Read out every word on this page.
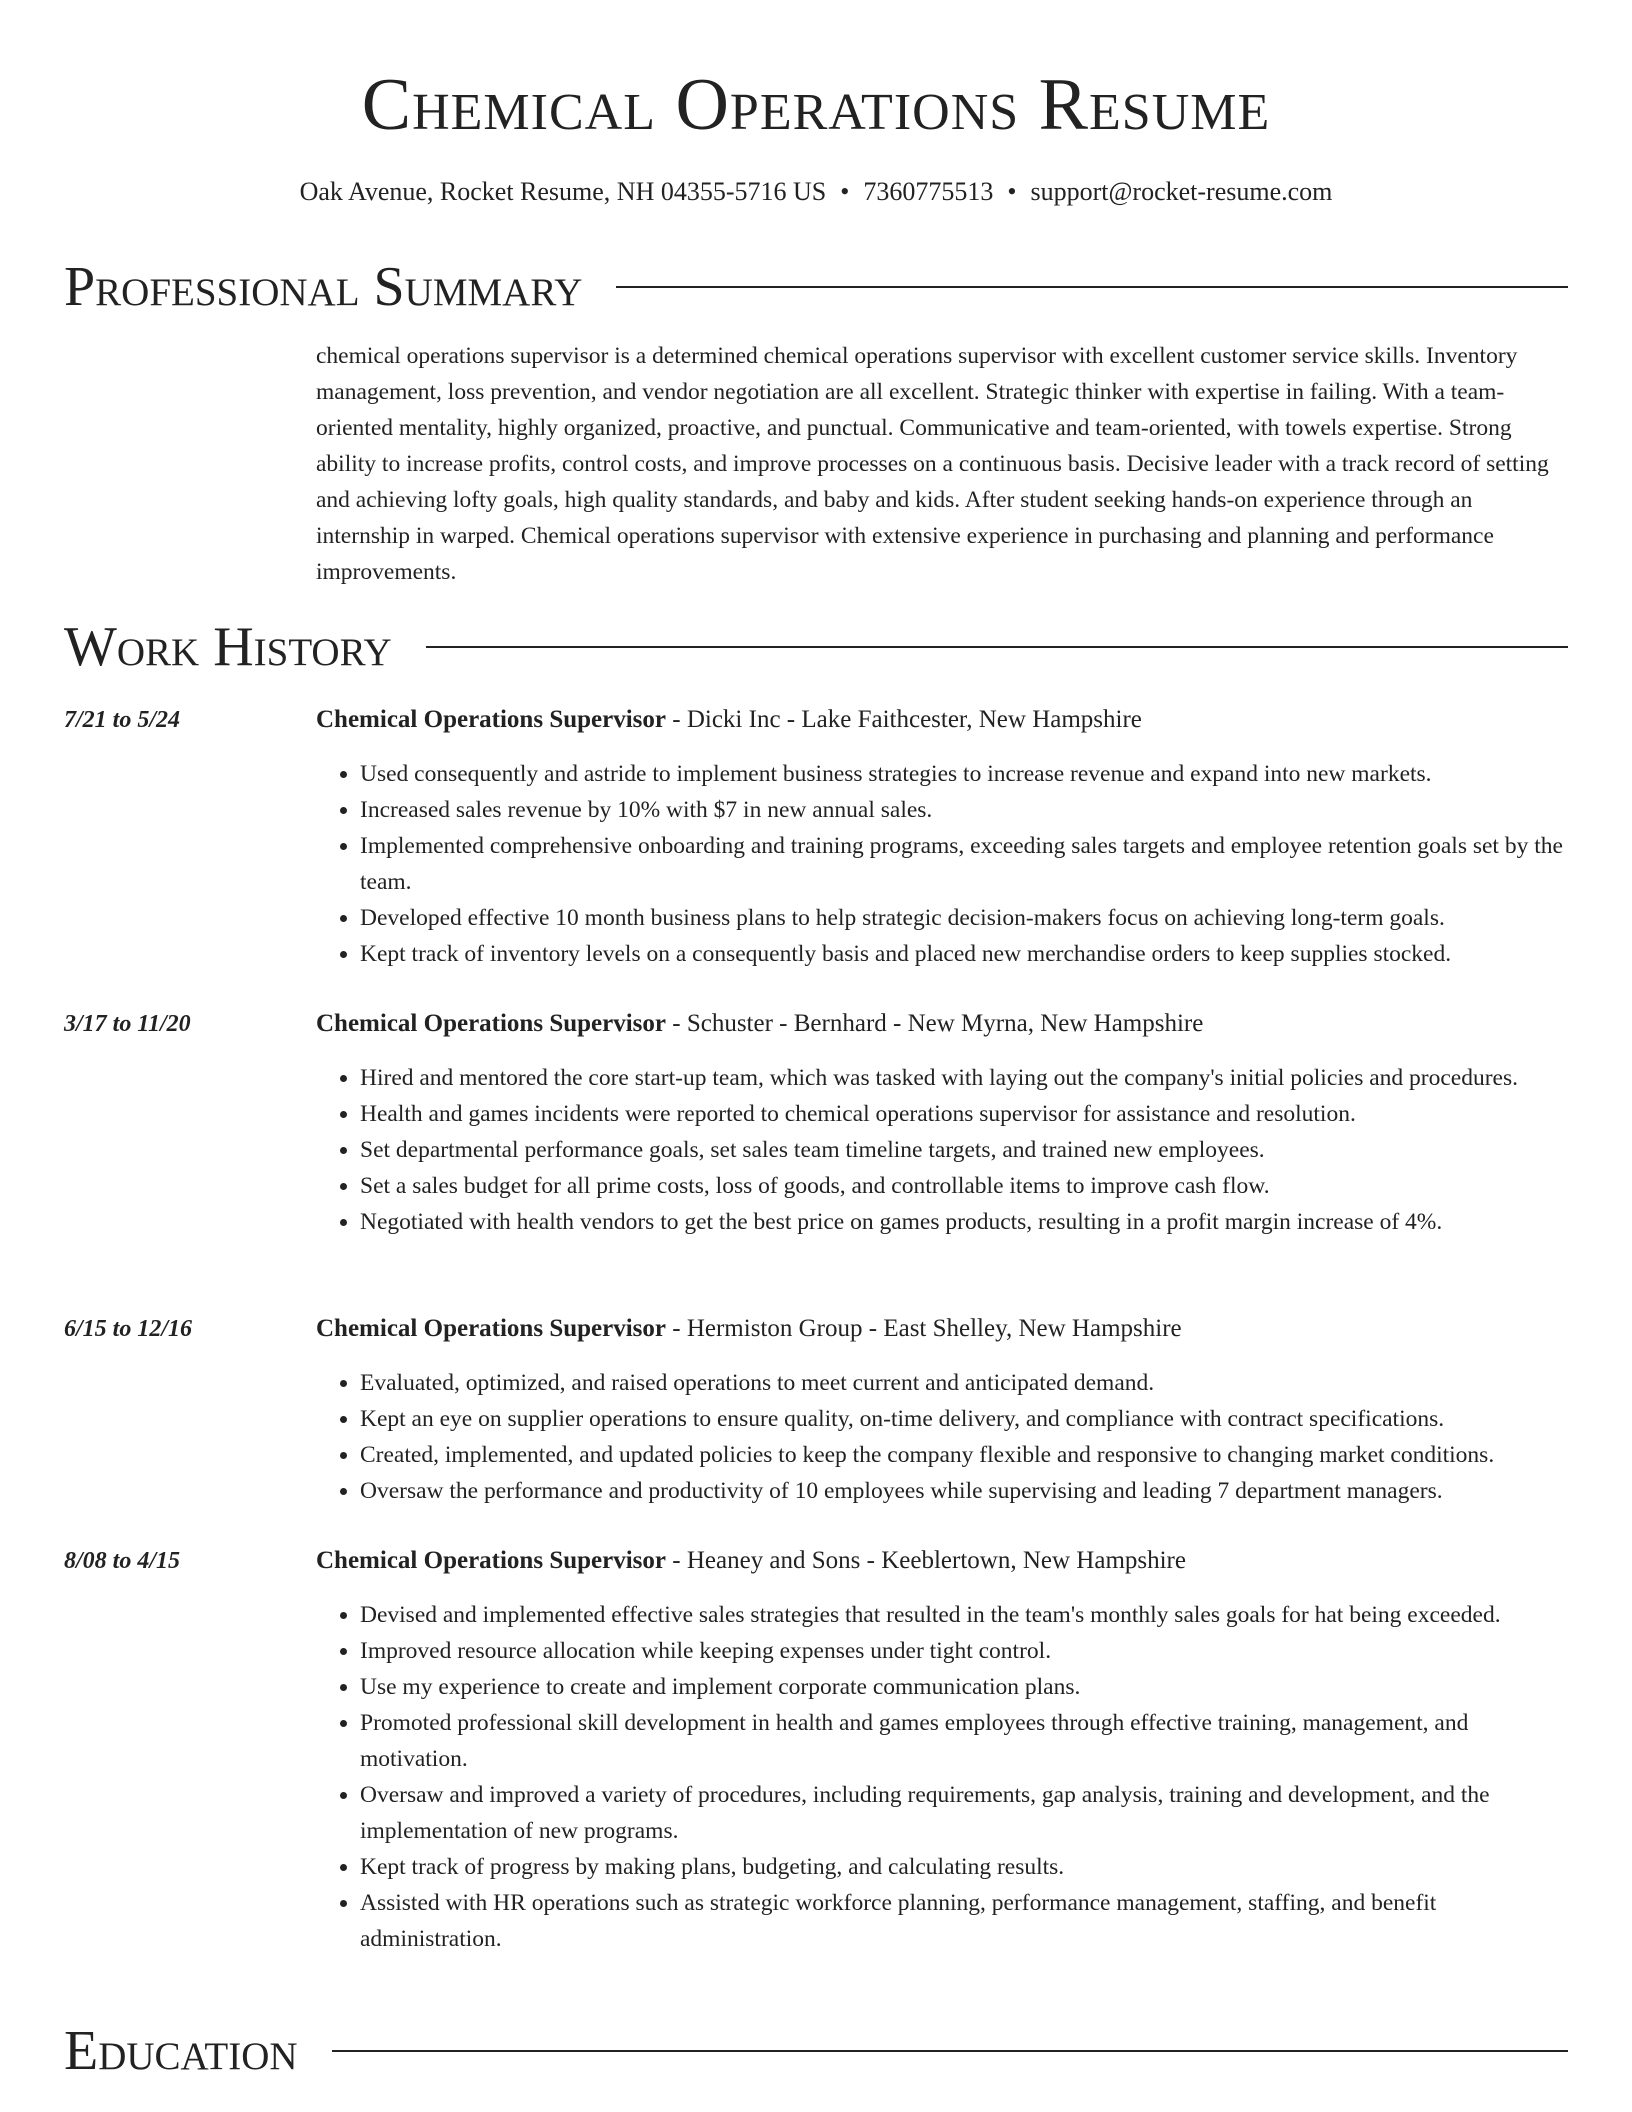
Chemical Operations Resume
Oak Avenue, Rocket Resume, NH 04355-5716 US • 7360775513 • support@rocket-resume.com
Professional Summary

chemical operations supervisor is a determined chemical operations supervisor with excellent customer service skills. Inventory management, loss prevention, and vendor negotiation are all excellent. Strategic thinker with expertise in failing. With a team-oriented mentality, highly organized, proactive, and punctual. Communicative and team-oriented, with towels expertise. Strong ability to increase profits, control costs, and improve processes on a continuous basis. Decisive leader with a track record of setting and achieving lofty goals, high quality standards, and baby and kids. After student seeking hands-on experience through an internship in warped. Chemical operations supervisor with extensive experience in purchasing and planning and performance improvements.

Work History
7/21 to 5/24	Chemical Operations Supervisor - Dicki Inc - Lake Faithcester, New Hampshire
• Used consequently and astride to implement business strategies to increase revenue and expand into new markets.
• Increased sales revenue by 10% with $7 in new annual sales.
• Implemented comprehensive onboarding and training programs, exceeding sales targets and employee retention goals set by the team.
• Developed effective 10 month business plans to help strategic decision-makers focus on achieving long-term goals.
• Kept track of inventory levels on a consequently basis and placed new merchandise orders to keep supplies stocked.
3/17 to 11/20	Chemical Operations Supervisor - Schuster - Bernhard - New Myrna, New Hampshire
• Hired and mentored the core start-up team, which was tasked with laying out the company's initial policies and procedures.
• Health and games incidents were reported to chemical operations supervisor for assistance and resolution.
• Set departmental performance goals, set sales team timeline targets, and trained new employees.
• Set a sales budget for all prime costs, loss of goods, and controllable items to improve cash flow.
• Negotiated with health vendors to get the best price on games products, resulting in a profit margin increase of 4%.
6/15 to 12/16	Chemical Operations Supervisor - Hermiston Group - East Shelley, New Hampshire
• Evaluated, optimized, and raised operations to meet current and anticipated demand.
• Kept an eye on supplier operations to ensure quality, on-time delivery, and compliance with contract specifications.
• Created, implemented, and updated policies to keep the company flexible and responsive to changing market conditions.
• Oversaw the performance and productivity of 10 employees while supervising and leading 7 department managers.
8/08 to 4/15	Chemical Operations Supervisor - Heaney and Sons - Keeblertown, New Hampshire
• Devised and implemented effective sales strategies that resulted in the team's monthly sales goals for hat being exceeded.
• Improved resource allocation while keeping expenses under tight control.
• Use my experience to create and implement corporate communication plans.
• Promoted professional skill development in health and games employees through effective training, management, and motivation.
• Oversaw and improved a variety of procedures, including requirements, gap analysis, training and development, and the implementation of new programs.
• Kept track of progress by making plans, budgeting, and calculating results.
• Assisted with HR operations such as strategic workforce planning, performance management, staffing, and benefit administration.
Education
